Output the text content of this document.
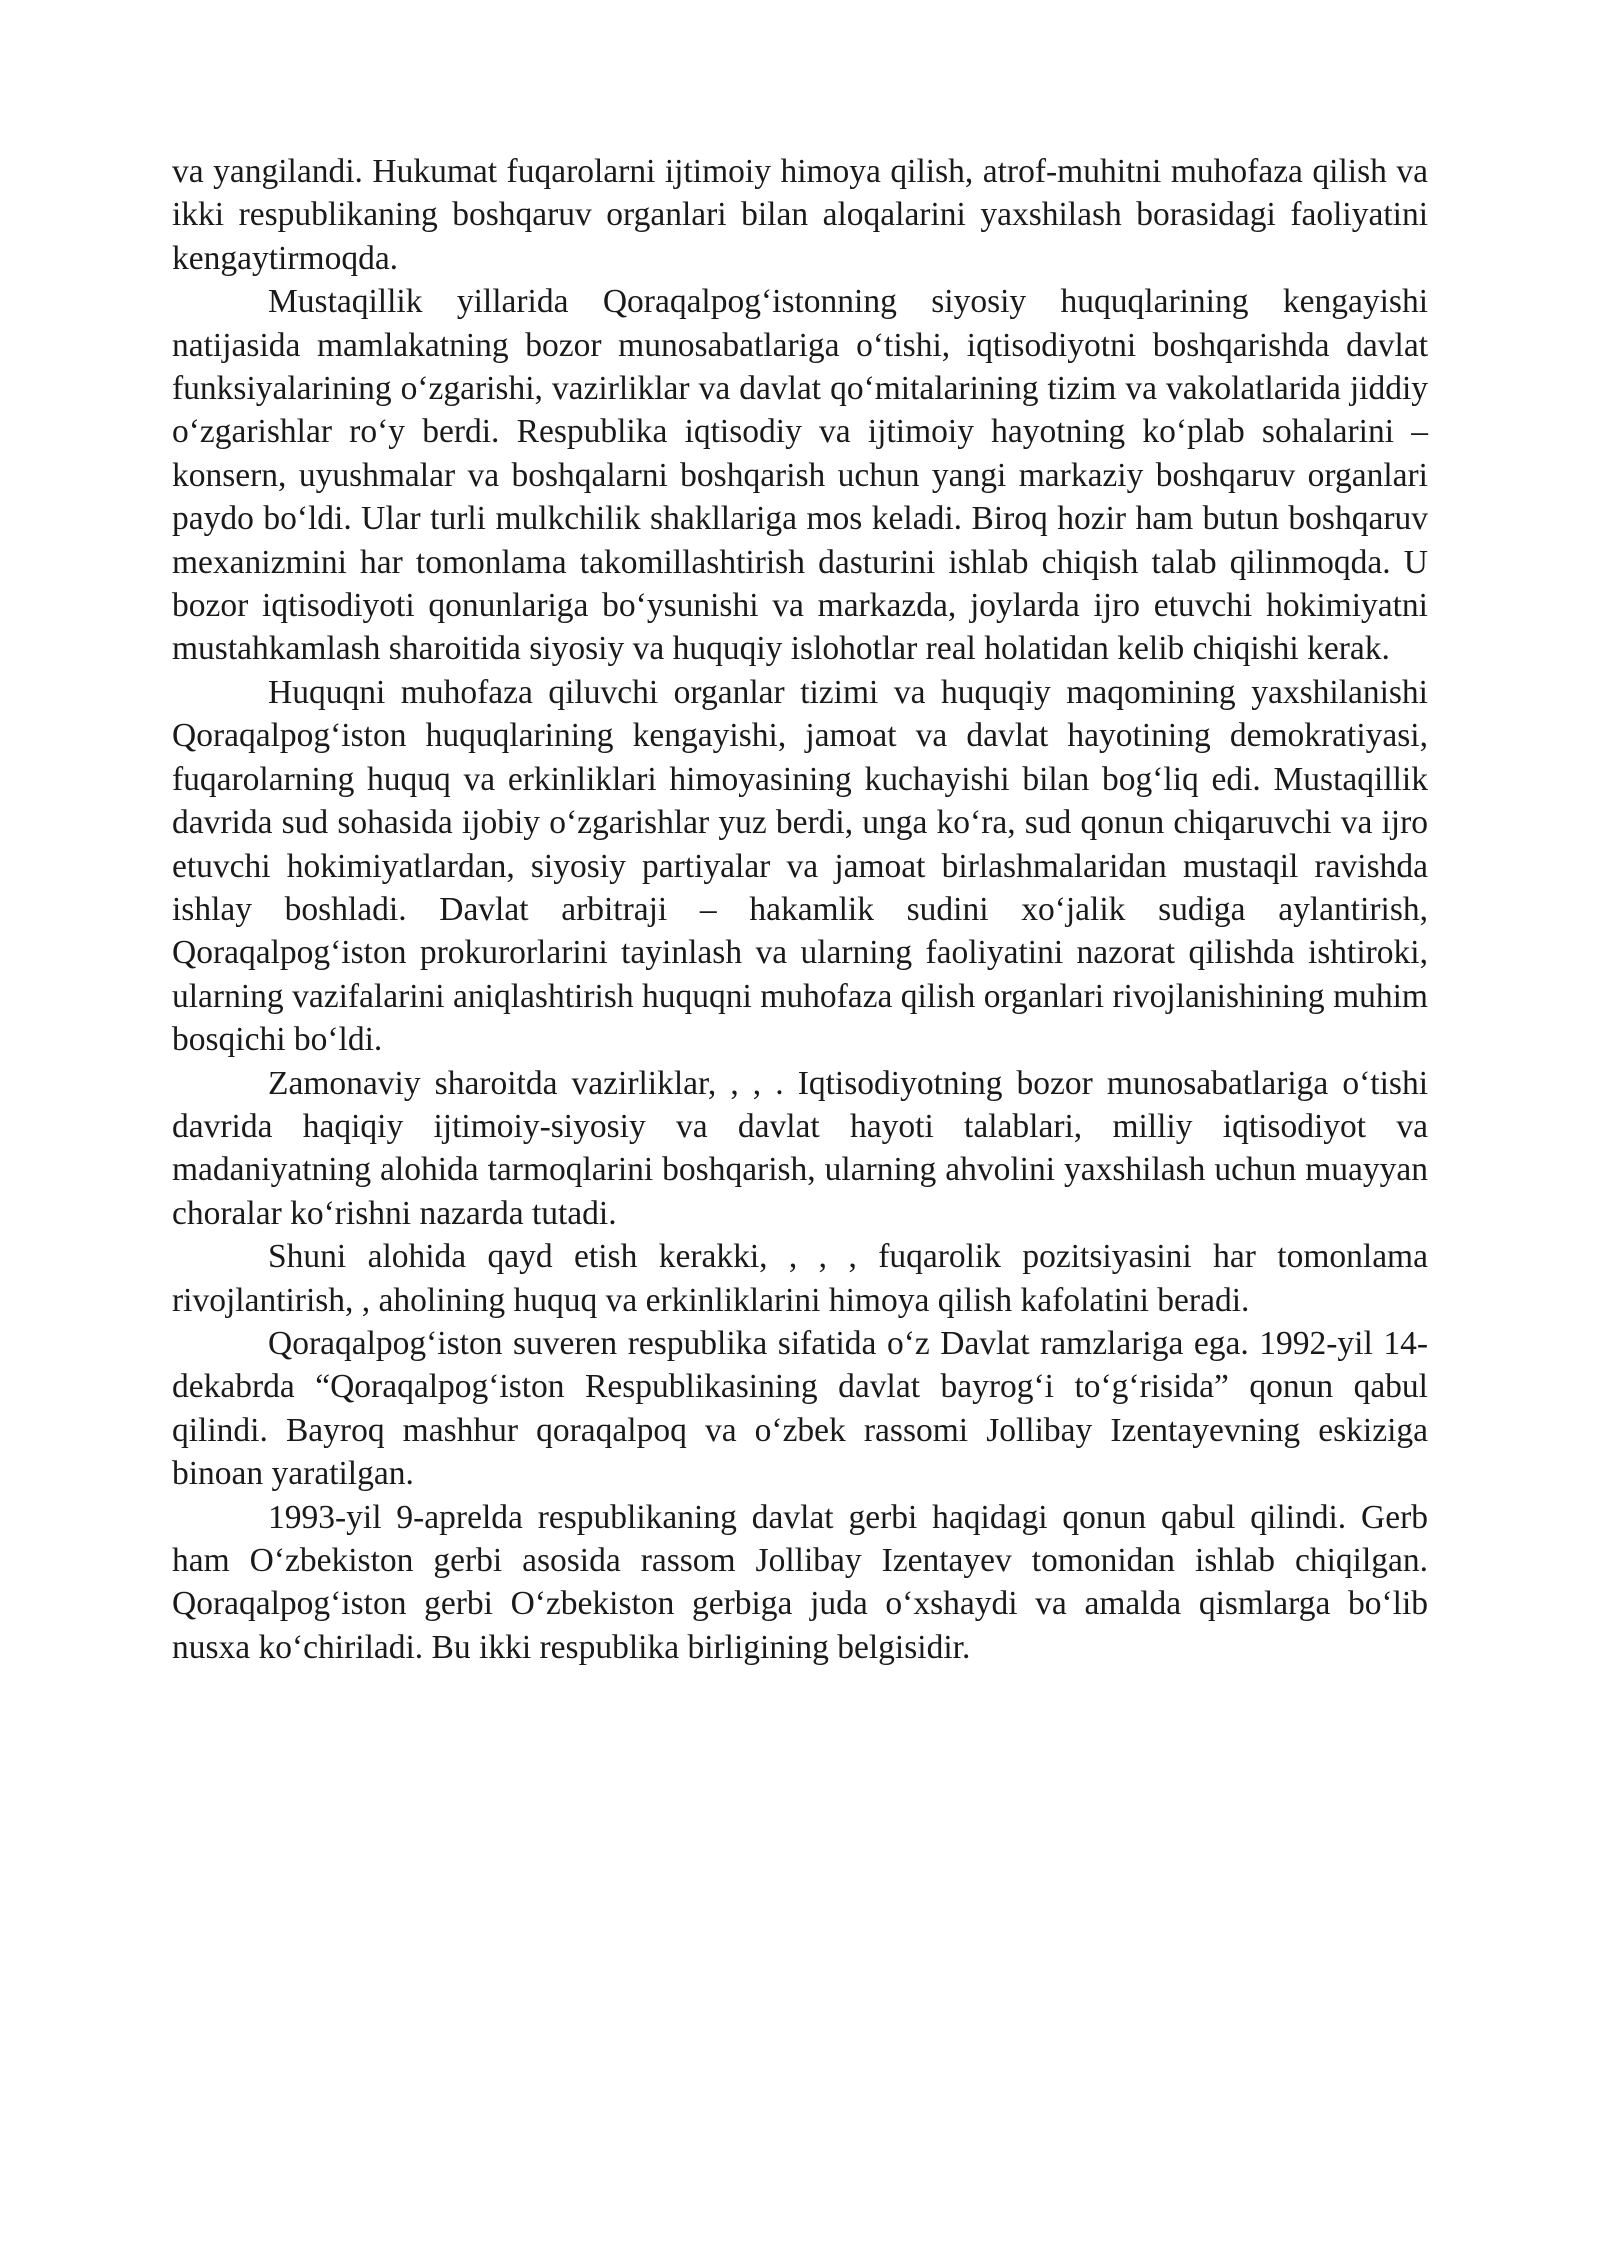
va yangilandi. Hukumat fuqarolarni ijtimoiy himoya qilish, atrof-muhitni muhofaza qilish va ikki respublikaning boshqaruv organlari bilan aloqalarini yaxshilash borasidagi faoliyatini kengaytirmoqda.

Mustaqillik yillarida Qoraqalpog‘istonning siyosiy huquqlarining kengayishi natijasida mamlakatning bozor munosabatlariga o‘tishi, iqtisodiyotni boshqarishda davlat funksiyalarining o‘zgarishi, vazirliklar va davlat qo‘mitalarining tizim va vakolatlarida jiddiy o‘zgarishlar ro‘y berdi. Respublika iqtisodiy va ijtimoiy hayotning ko‘plab sohalarini – konsern, uyushmalar va boshqalarni boshqarish uchun yangi markaziy boshqaruv organlari paydo bo‘ldi. Ular turli mulkchilik shakllariga mos keladi. Biroq hozir ham butun boshqaruv mexanizmini har tomonlama takomillashtirish dasturini ishlab chiqish talab qilinmoqda. U bozor iqtisodiyoti qonunlariga bo‘ysunishi va markazda, joylarda ijro etuvchi hokimiyatni mustahkamlash sharoitida siyosiy va huquqiy islohotlar real holatidan kelib chiqishi kerak.

Huquqni muhofaza qiluvchi organlar tizimi va huquqiy maqomining yaxshilanishi Qoraqalpog‘iston huquqlarining kengayishi, jamoat va davlat hayotining demokratiyasi, fuqarolarning huquq va erkinliklari himoyasining kuchayishi bilan bog‘liq edi. Mustaqillik davrida sud sohasida ijobiy o‘zgarishlar yuz berdi, unga ko‘ra, sud qonun chiqaruvchi va ijro etuvchi hokimiyatlardan, siyosiy partiyalar va jamoat birlashmalaridan mustaqil ravishda ishlay boshladi. Davlat arbitraji – hakamlik sudini xo‘jalik sudiga aylantirish, Qoraqalpog‘iston prokurorlarini tayinlash va ularning faoliyatini nazorat qilishda ishtiroki, ularning vazifalarini aniqlashtirish huquqni muhofaza qilish organlari rivojlanishining muhim bosqichi bo‘ldi.

Zamonaviy sharoitda vazirliklar, , , . Iqtisodiyotning bozor munosabatlariga o‘tishi davrida haqiqiy ijtimoiy-siyosiy va davlat hayoti talablari, milliy iqtisodiyot va madaniyatning alohida tarmoqlarini boshqarish, ularning ahvolini yaxshilash uchun muayyan choralar ko‘rishni nazarda tutadi.

Shuni alohida qayd etish kerakki, , , , fuqarolik pozitsiyasini har tomonlama rivojlantirish, , aholining huquq va erkinliklarini himoya qilish kafolatini beradi.

Qoraqalpog‘iston suveren respublika sifatida o‘z Davlat ramzlariga ega. 1992-yil 14-dekabrda “Qoraqalpog‘iston Respublikasining davlat bayrog‘i to‘g‘risida” qonun qabul qilindi. Bayroq mashhur qoraqalpoq va o‘zbek rassomi Jollibay Izentayevning eskiziga binoan yaratilgan.

1993-yil 9-aprelda respublikaning davlat gerbi haqidagi qonun qabul qilindi. Gerb ham O‘zbekiston gerbi asosida rassom Jollibay Izentayev tomonidan ishlab chiqilgan. Qoraqalpog‘iston gerbi O‘zbekiston gerbiga juda o‘xshaydi va amalda qismlarga bo‘lib nusxa ko‘chiriladi. Bu ikki respublika birligining belgisidir.
